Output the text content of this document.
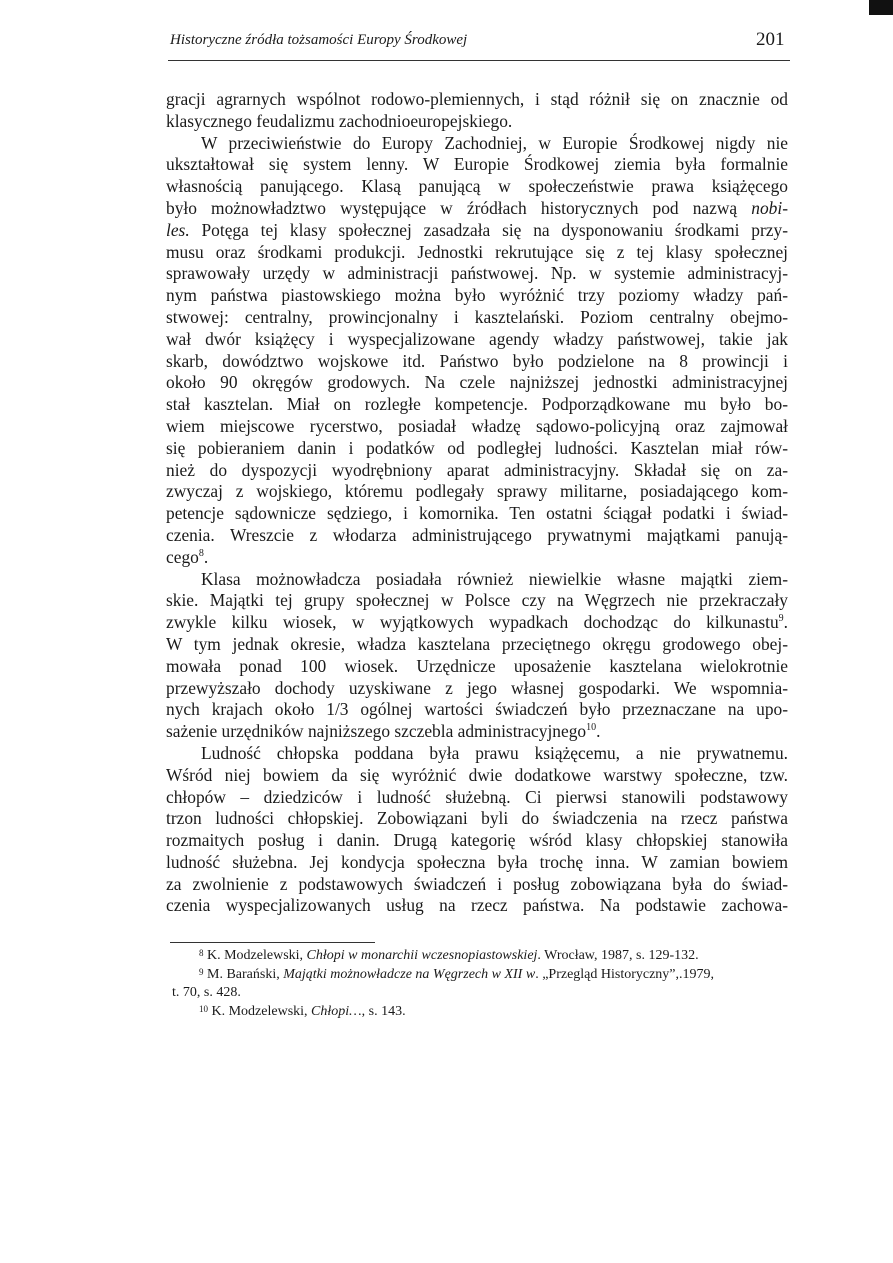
Historyczne źródła tożsamości Europy Środkowej	201
gracji agrarnych wspólnot rodowo-plemiennych, i stąd różnił się on znacznie od
klasycznego feudalizmu zachodnioeuropejskiego.
W przeciwieństwie do Europy Zachodniej, w Europie Środkowej nigdy nie
ukształtował się system lenny. W Europie Środkowej ziemia była formalnie
własnością panującego. Klasą panującą w społeczeństwie prawa książęcego
było możnowładztwo występujące w źródłach historycznych pod nazwą nobi-
les. Potęga tej klasy społecznej zasadzała się na dysponowaniu środkami przy-
musu oraz środkami produkcji. Jednostki rekrutujące się z tej klasy społecznej
sprawowały urzędy w administracji państwowej. Np. w systemie administracyj-
nym państwa piastowskiego można było wyróżnić trzy poziomy władzy pań-
stwowej: centralny, prowincjonalny i kasztelański. Poziom centralny obejmo-
wał dwór książęcy i wyspecjalizowane agendy władzy państwowej, takie jak
skarb, dowództwo wojskowe itd. Państwo było podzielone na 8 prowincji i
około 90 okręgów grodowych. Na czele najniższej jednostki administracyjnej
stał kasztelan. Miał on rozległe kompetencje. Podporządkowane mu było bo-
wiem miejscowe rycerstwo, posiadał władzę sądowo-policyjną oraz zajmował
się pobieraniem danin i podatków od podległej ludności. Kasztelan miał rów-
nież do dyspozycji wyodrębniony aparat administracyjny. Składał się on za-
zwyczaj z wojskiego, któremu podlegały sprawy militarne, posiadającego kom-
petencje sądownicze sędziego, i komornika. Ten ostatni ściągał podatki i świad-
czenia. Wreszcie z włodarza administrującego prywatnymi majątkami panują-
cego$^8$.
Klasa możnowładcza posiadała również niewielkie własne majątki ziem-
skie. Majątki tej grupy społecznej w Polsce czy na Węgrzech nie przekraczały
zwykle kilku wiosek, w wyjątkowych wypadkach dochodząc do kilkunastu$^9$.
W tym jednak okresie, władza kasztelana przeciętnego okręgu grodowego obej-
mowała ponad 100 wiosek. Urzędnicze uposażenie kasztelana wielokrotnie
przewyższało dochody uzyskiwane z jego własnej gospodarki. We wspomnia-
nych krajach około 1/3 ogólnej wartości świadczeń było przeznaczane na upo-
sażenie urzędników najniższego szczebla administracyjnego$^{10}$.
Ludność chłopska poddana była prawu książęcemu, a nie prywatnemu.
Wśród niej bowiem da się wyróżnić dwie dodatkowe warstwy społeczne, tzw.
chłopów – dziedziców i ludność służebną. Ci pierwsi stanowili podstawowy
trzon ludności chłopskiej. Zobowiązani byli do świadczenia na rzecz państwa
rozmaitych posług i danin. Drugą kategorię wśród klasy chłopskiej stanowiła
ludność służebna. Jej kondycja społeczna była trochę inna. W zamian bowiem
za zwolnienie z podstawowych świadczeń i posług zobowiązana była do świad-
czenia wyspecjalizowanych usług na rzecz państwa. Na podstawie zachowa-
$^8$ K. Modzelewski, Chłopi w monarchii wczesnopiastowskiej. Wrocław, 1987, s. 129-132.
$^9$ M. Barański, Majątki możnowładcze na Węgrzech w XII w. „Przegląd Historyczny”,.1979,
t. 70, s. 428.
$^{10}$ K. Modzelewski, Chłopi…, s. 143.
